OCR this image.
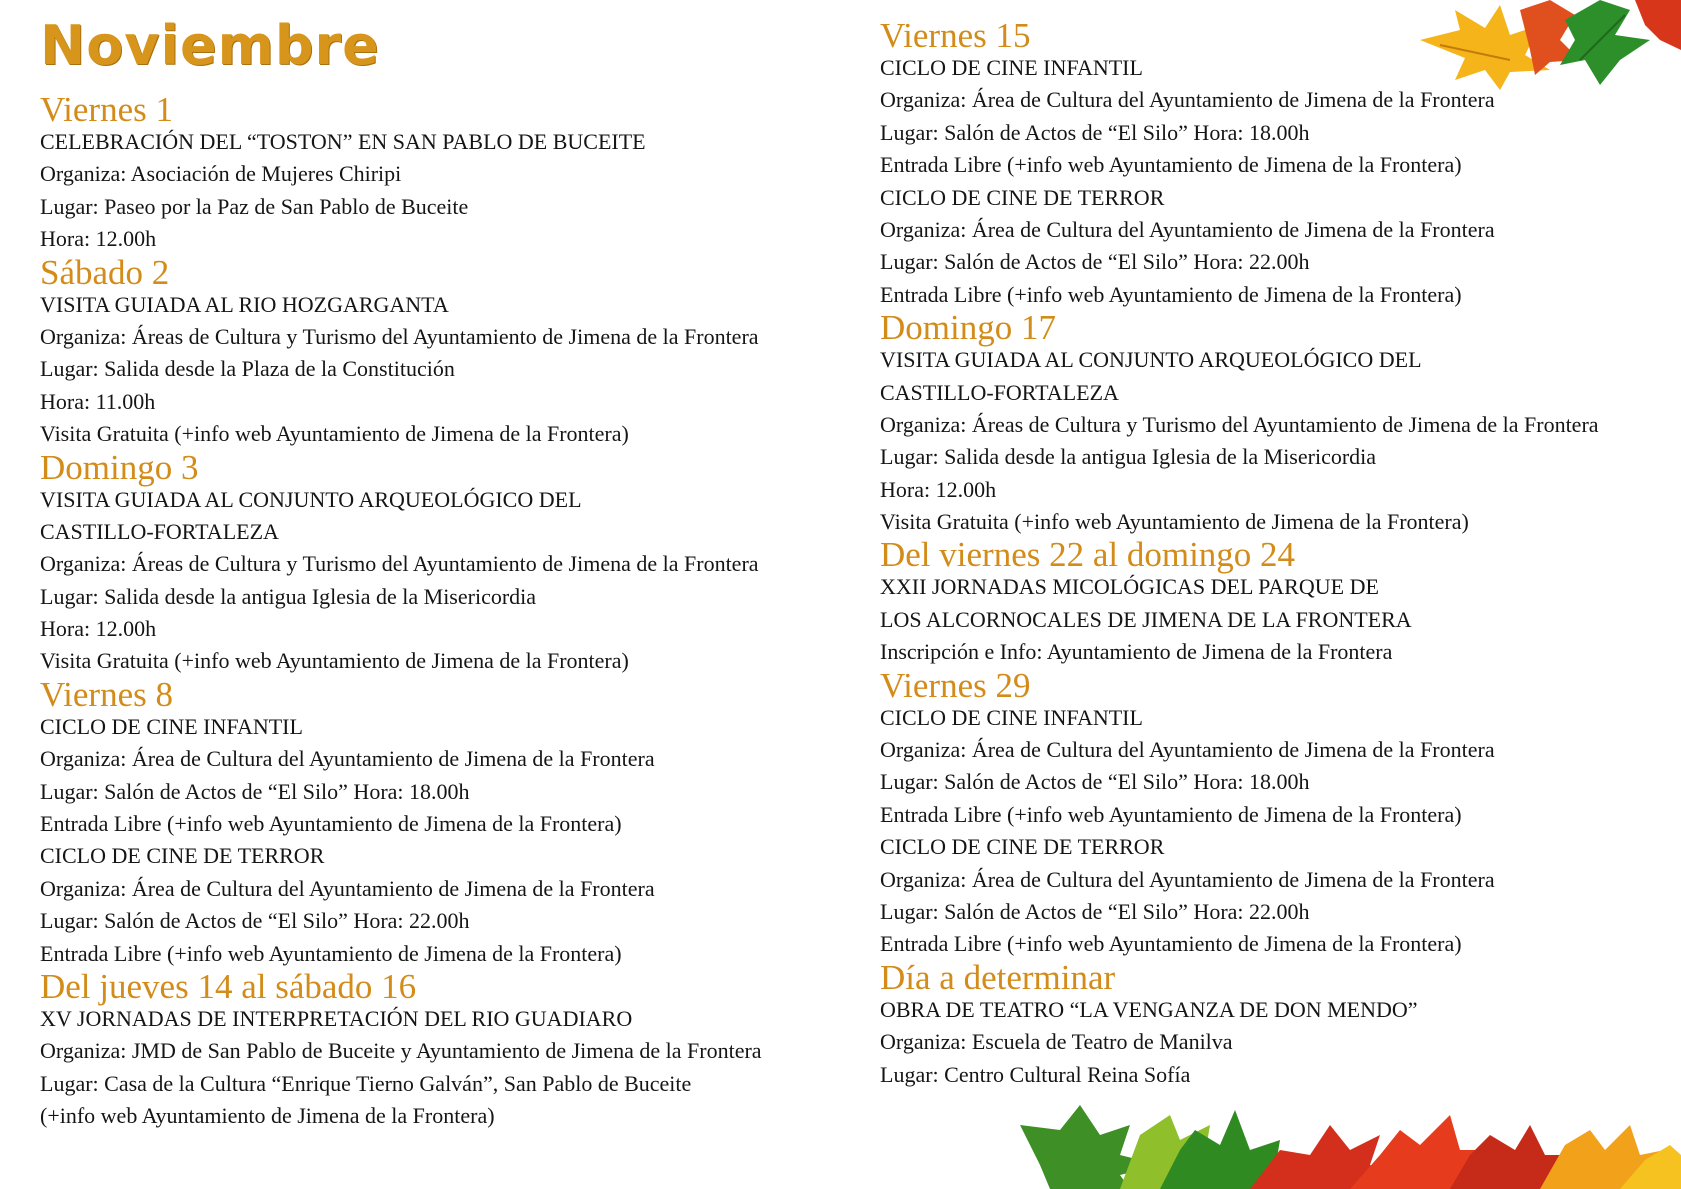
Noviembre
Viernes 1
CELEBRACIÓN DEL “TOSTON” EN SAN PABLO DE BUCEITE
Organiza: Asociación de Mujeres Chiripi
Lugar: Paseo por la Paz de San Pablo de Buceite
Hora: 12.00h
Sábado 2
VISITA GUIADA AL RIO HOZGARGANTA
Organiza: Áreas de Cultura y Turismo del Ayuntamiento de Jimena de la Frontera
Lugar: Salida desde la Plaza de la Constitución
Hora: 11.00h
Visita Gratuita (+info web Ayuntamiento de Jimena de la Frontera)
Domingo 3
VISITA GUIADA AL CONJUNTO ARQUEOLÓGICO DEL
CASTILLO-FORTALEZA
Organiza: Áreas de Cultura y Turismo del Ayuntamiento de Jimena de la Frontera
Lugar: Salida desde la antigua Iglesia de la Misericordia
Hora: 12.00h
Visita Gratuita (+info web Ayuntamiento de Jimena de la Frontera)
Viernes 8
CICLO DE CINE INFANTIL
Organiza: Área de Cultura del Ayuntamiento de Jimena de la Frontera
Lugar: Salón de Actos de “El Silo” Hora: 18.00h
Entrada Libre (+info web Ayuntamiento de Jimena de la Frontera)
CICLO DE CINE DE TERROR
Organiza: Área de Cultura del Ayuntamiento de Jimena de la Frontera
Lugar: Salón de Actos de “El Silo” Hora: 22.00h
Entrada Libre (+info web Ayuntamiento de Jimena de la Frontera)
Del jueves 14 al sábado 16
XV JORNADAS DE INTERPRETACIÓN DEL RIO GUADIARO
Organiza: JMD de San Pablo de Buceite y Ayuntamiento de Jimena de la Frontera
Lugar: Casa de la Cultura “Enrique Tierno Galván”, San Pablo de Buceite
(+info web Ayuntamiento de Jimena de la Frontera)
Viernes 15
CICLO DE CINE INFANTIL
Organiza: Área de Cultura del Ayuntamiento de Jimena de la Frontera
Lugar: Salón de Actos de “El Silo” Hora: 18.00h
Entrada Libre (+info web Ayuntamiento de Jimena de la Frontera)
CICLO DE CINE DE TERROR
Organiza: Área de Cultura del Ayuntamiento de Jimena de la Frontera
Lugar: Salón de Actos de “El Silo” Hora: 22.00h
Entrada Libre (+info web Ayuntamiento de Jimena de la Frontera)
Domingo 17
VISITA GUIADA AL CONJUNTO ARQUEOLÓGICO DEL
CASTILLO-FORTALEZA
Organiza: Áreas de Cultura y Turismo del Ayuntamiento de Jimena de la Frontera
Lugar: Salida desde la antigua Iglesia de la Misericordia
Hora: 12.00h
Visita Gratuita (+info web Ayuntamiento de Jimena de la Frontera)
Del viernes 22 al domingo 24
XXII JORNADAS MICOLÓGICAS DEL PARQUE DE
LOS ALCORNOCALES DE JIMENA DE LA FRONTERA
Inscripción e Info: Ayuntamiento de Jimena de la Frontera
Viernes 29
CICLO DE CINE INFANTIL
Organiza: Área de Cultura del Ayuntamiento de Jimena de la Frontera
Lugar: Salón de Actos de “El Silo” Hora: 18.00h
Entrada Libre (+info web Ayuntamiento de Jimena de la Frontera)
CICLO DE CINE DE TERROR
Organiza: Área de Cultura del Ayuntamiento de Jimena de la Frontera
Lugar: Salón de Actos de “El Silo” Hora: 22.00h
Entrada Libre (+info web Ayuntamiento de Jimena de la Frontera)
Día a determinar
OBRA DE TEATRO “LA VENGANZA DE DON MENDO”
Organiza: Escuela de Teatro de Manilva
Lugar: Centro Cultural Reina Sofía
